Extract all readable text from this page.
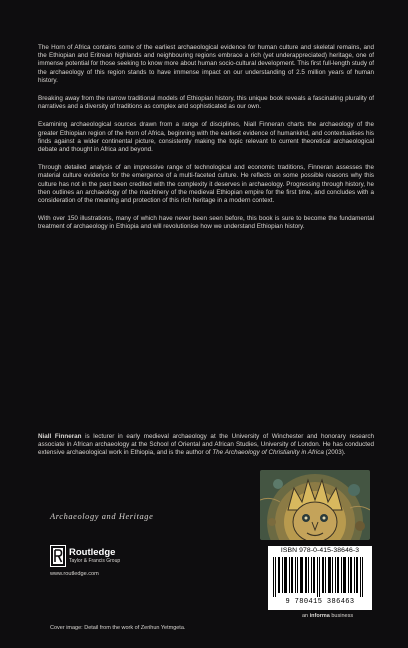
The Horn of Africa contains some of the earliest archaeological evidence for human culture and skeletal remains, and the Ethiopian and Eritrean highlands and neighbouring regions embrace a rich (yet underappreciated) heritage, one of immense potential for those seeking to know more about human socio-cultural development. This first full-length study of the archaeology of this region stands to have immense impact on our understanding of 2.5 million years of human history.

Breaking away from the narrow traditional models of Ethiopian history, this unique book reveals a fascinating plurality of narratives and a diversity of traditions as complex and sophisticated as our own.

Examining archaeological sources drawn from a range of disciplines, Niall Finneran charts the archaeology of the greater Ethiopian region of the Horn of Africa, beginning with the earliest evidence of humankind, and contextualises his finds against a wider continental picture, consistently making the topic relevant to current theoretical archaeological debate and thought in Africa and beyond.

Through detailed analysis of an impressive range of technological and economic traditions, Finneran assesses the material culture evidence for the emergence of a multi-faceted culture. He reflects on some possible reasons why this culture has not in the past been credited with the complexity it deserves in archaeology. Progressing through history, he then outlines an archaeology of the machinery of the medieval Ethiopian empire for the first time, and concludes with a consideration of the meaning and protection of this rich heritage in a modern context.

With over 150 illustrations, many of which have never been seen before, this book is sure to become the fundamental treatment of archaeology in Ethiopia and will revolutionise how we understand Ethiopian history.

Niall Finneran is lecturer in early medieval archaeology at the University of Winchester and honorary research associate in African archaeology at the School of Oriental and African Studies, University of London. He has conducted extensive archaeological work in Ethiopia, and is the author of The Archaeology of Christianity in Africa (2003).

Archaeology and Heritage
Routledge
Taylor & Francis Group
www.routledge.com
ISBN 978-0-415-38646-3
9 780415 386463
an informa business
Cover image: Detail from the work of Zerihun Yetmgeta.
